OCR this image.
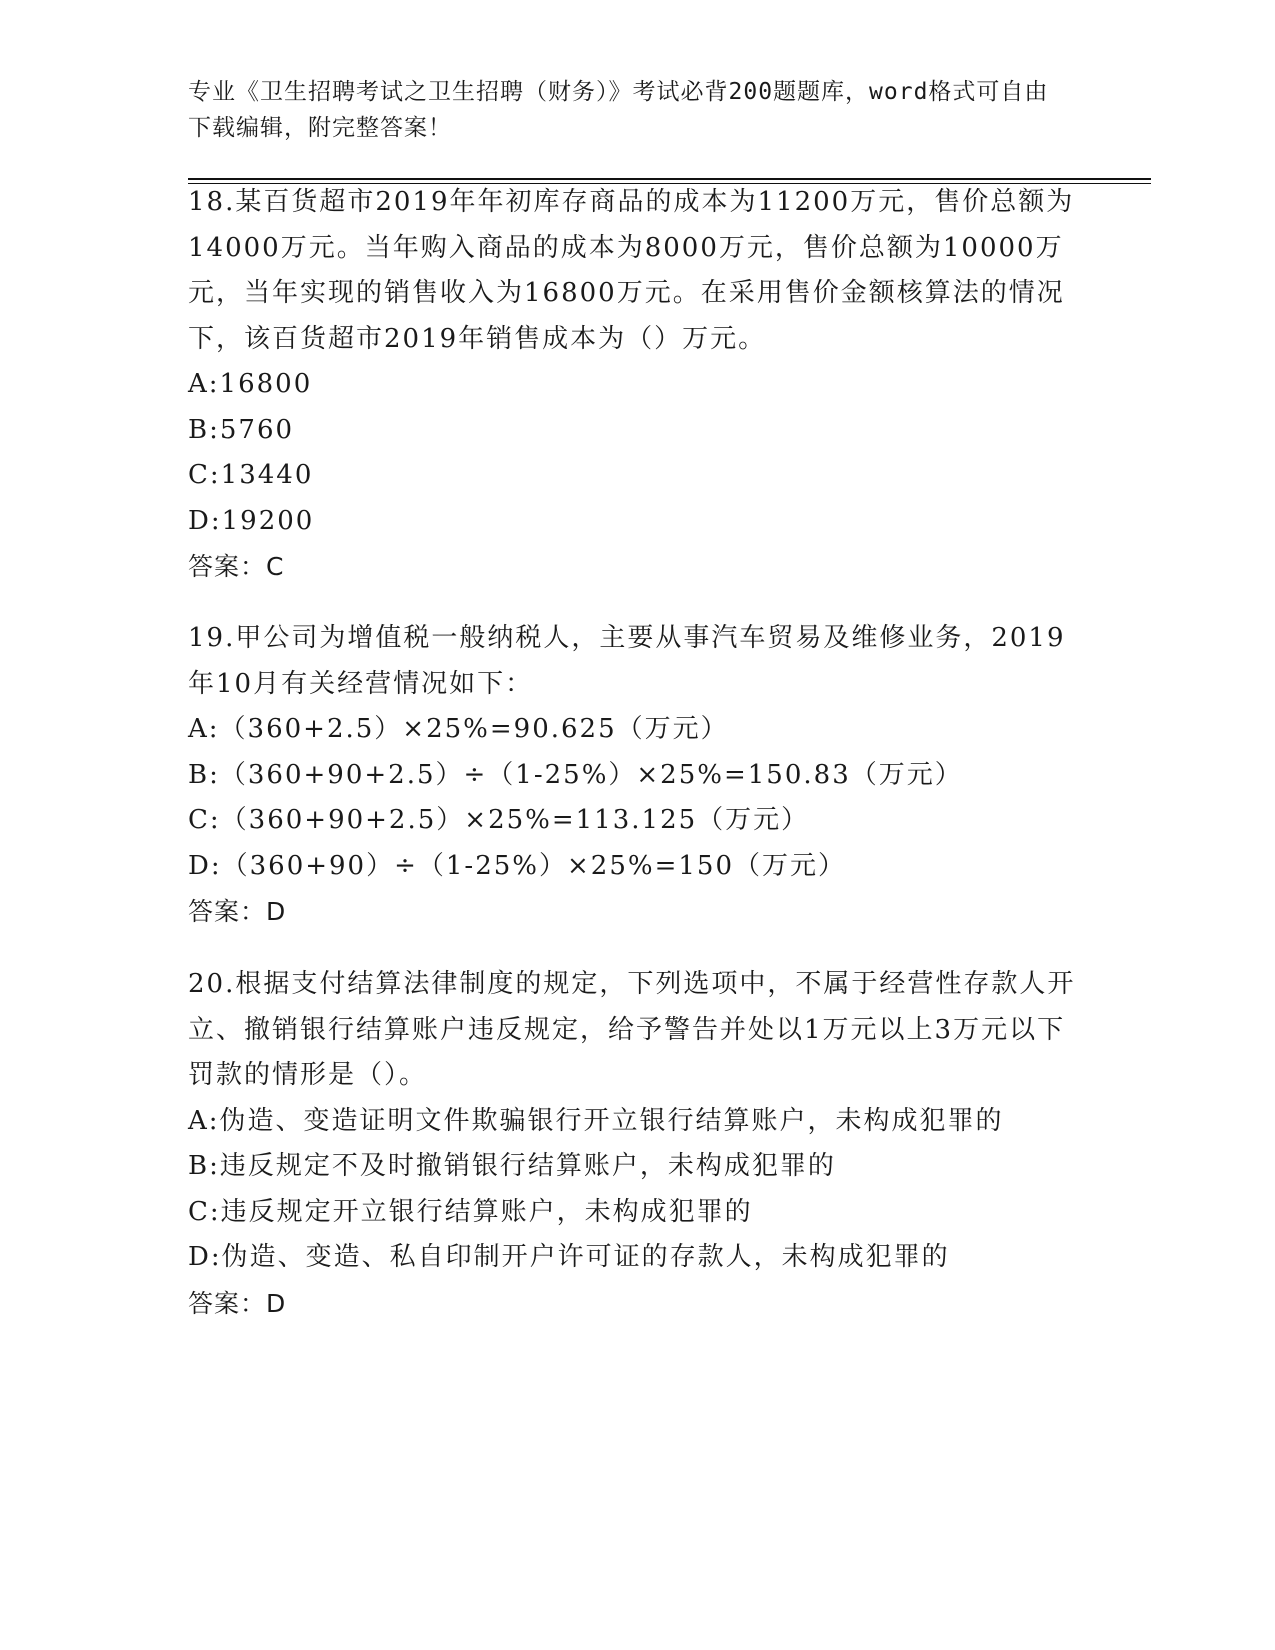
专业《卫生招聘考试之卫生招聘（财务）》考试必背200题题库，word格式可自由下载编辑，附完整答案！

18.某百货超市2019年年初库存商品的成本为11200万元，售价总额为14000万元。当年购入商品的成本为8000万元，售价总额为10000万元，当年实现的销售收入为16800万元。在采用售价金额核算法的情况下，该百货超市2019年销售成本为（）万元。

A:16800

B:5760

C:13440

D:19200

答案：C

19.甲公司为增值税一般纳税人，主要从事汽车贸易及维修业务，2019年10月有关经营情况如下：

A:（360+2.5）×25%=90.625（万元）

B:（360+90+2.5）÷（1-25%）×25%=150.83（万元）

C:（360+90+2.5）×25%=113.125（万元）

D:（360+90）÷（1-25%）×25%=150（万元）

答案：D

20.根据支付结算法律制度的规定，下列选项中，不属于经营性存款人开立、撤销银行结算账户违反规定，给予警告并处以1万元以上3万元以下罚款的情形是（）。

A:伪造、变造证明文件欺骗银行开立银行结算账户，未构成犯罪的

B:违反规定不及时撤销银行结算账户，未构成犯罪的

C:违反规定开立银行结算账户，未构成犯罪的

D:伪造、变造、私自印制开户许可证的存款人，未构成犯罪的

答案：D
